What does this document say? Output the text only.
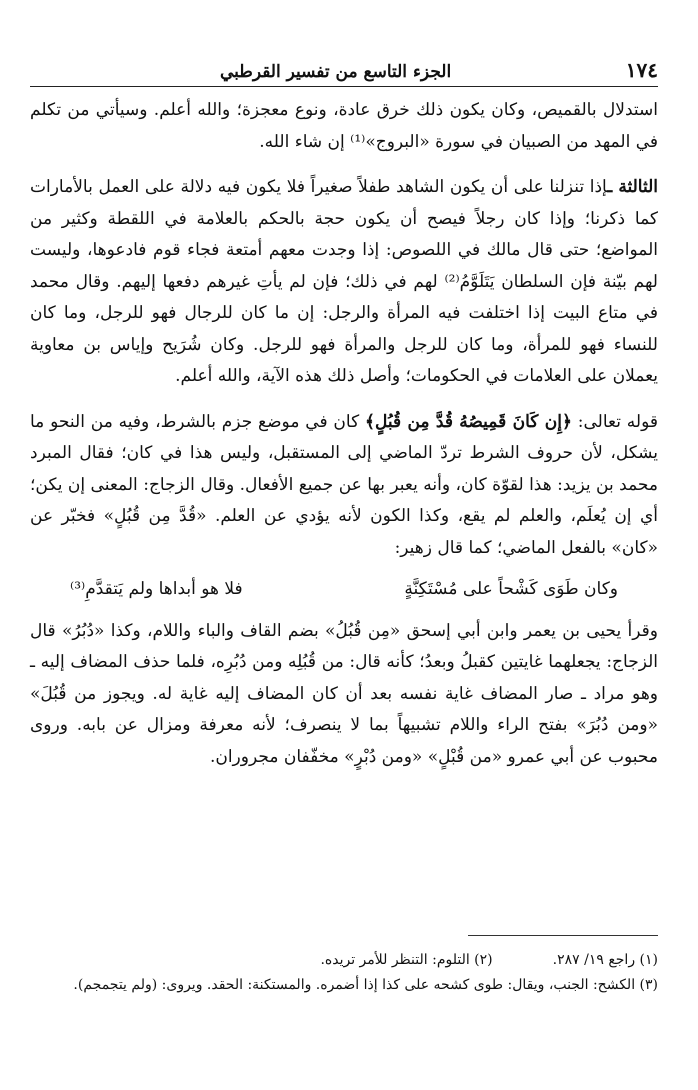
١٧٤
الجزء التاسع من تفسير القرطبي

استدلال بالقميص، وكان يكون ذلك خرق عادة، ونوع معجزة؛ والله أعلم. وسيأتي من تكلم في المهد من الصبيان في سورة «البروج»⁽¹⁾ إن شاء الله.

الثالثة ـإذا تنزلنا على أن يكون الشاهد طفلاً صغيراً فلا يكون فيه دلالة على العمل بالأمارات كما ذكرنا؛ وإذا كان رجلاً فيصح أن يكون حجة بالحكم بالعلامة في اللقطة وكثير من المواضع؛ حتى قال مالك في اللصوص: إذا وجدت معهم أمتعة فجاء قوم فادعوها، وليست لهم بيّنة فإن السلطان يَتَلَوَّمُ⁽²⁾ لهم في ذلك؛ فإن لم يأتِ غيرهم دفعها إليهم. وقال محمد في متاع البيت إذا اختلفت فيه المرأة والرجل: إن ما كان للرجال فهو للرجل، وما كان للنساء فهو للمرأة، وما كان للرجل والمرأة فهو للرجل. وكان شُرَيح وإياس بن معاوية يعملان على العلامات في الحكومات؛ وأصل ذلك هذه الآية، والله أعلم.

قوله تعالى: ﴿إِن كَانَ قَمِيصُهُ قُدَّ مِن قُبُلٍ﴾ كان في موضع جزم بالشرط، وفيه من النحو ما يشكل، لأن حروف الشرط تردّ الماضي إلى المستقبل، وليس هذا في كان؛ فقال المبرد محمد بن يزيد: هذا لقوّة كان، وأنه يعبر بها عن جميع الأفعال. وقال الزجاج: المعنى إن يكن؛ أي إن يُعلَم، والعلم لم يقع، وكذا الكون لأنه يؤدي عن العلم. «قُدَّ مِن قُبُلٍ» فخبّر عن «كان» بالفعل الماضي؛ كما قال زهير:

وكان طَوَى كَشْحاً على مُسْتَكِنَّةٍ
فلا هو أبداها ولم يَتقدَّمِ⁽³⁾

وقرأ يحيى بن يعمر وابن أبي إسحق «مِن قُبُلُ» بضم القاف والباء واللام، وكذا «دُبُرُ» قال الزجاج: يجعلهما غايتين كقبلُ وبعدُ؛ كأنه قال: من قُبُلِه ومن دُبُرِه، فلما حذف المضاف إليه ـ وهو مراد ـ صار المضاف غاية نفسه بعد أن كان المضاف إليه غاية له. ويجوز من قُبُلَ» «ومن دُبُرَ» بفتح الراء واللام تشبيهاً بما لا ينصرف؛ لأنه معرفة ومزال عن بابه. وروى محبوب عن أبي عمرو «من قُبْلٍ» «ومن دُبْرٍ» مخفّفان مجروران.

(١) راجع ١٩/ ٢٨٧.
(٢) التلوم: التنظر للأمر تريده.
(٣) الكشح: الجنب، ويقال: طوى كشحه على كذا إذا أضمره. والمستكنة: الحقد. ويروى: (ولم يتجمجم).
